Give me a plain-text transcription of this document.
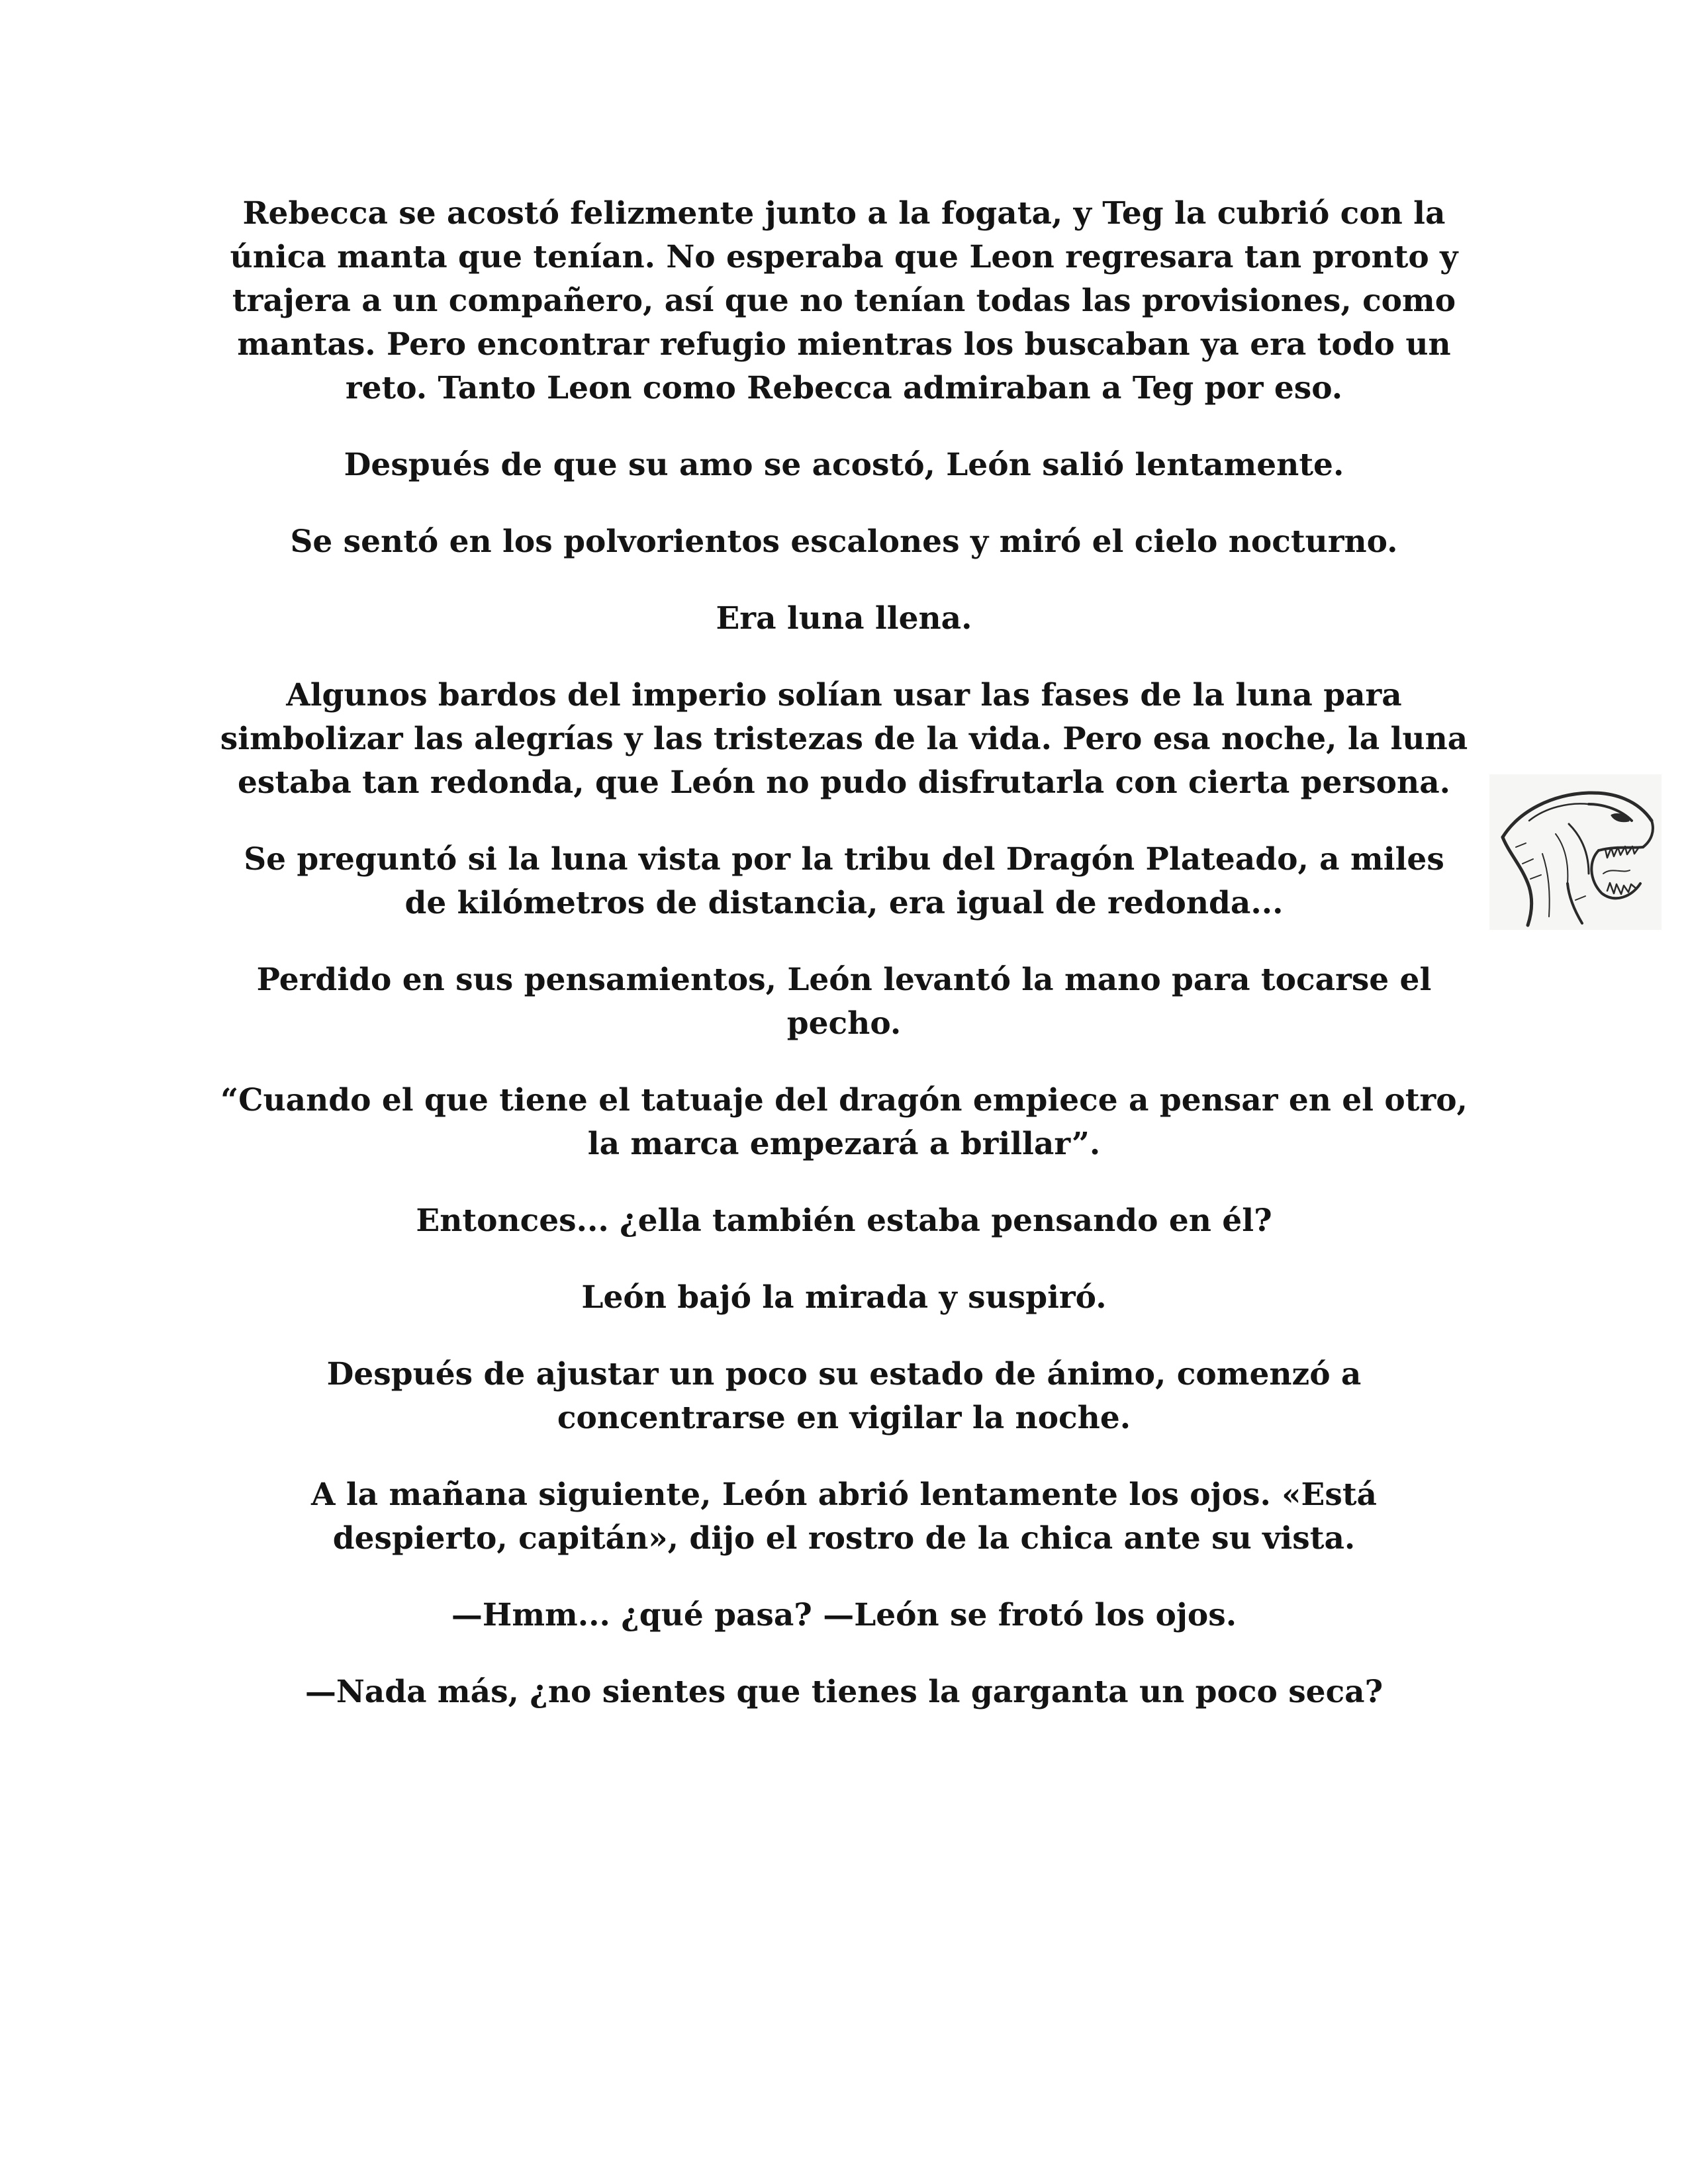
Rebecca se acostó felizmente junto a la fogata, y Teg la cubrió con la única manta que tenían. No esperaba que Leon regresara tan pronto y trajera a un compañero, así que no tenían todas las provisiones, como mantas. Pero encontrar refugio mientras los buscaban ya era todo un reto. Tanto Leon como Rebecca admiraban a Teg por eso.

Después de que su amo se acostó, León salió lentamente.

Se sentó en los polvorientos escalones y miró el cielo nocturno.

Era luna llena.

Algunos bardos del imperio solían usar las fases de la luna para simbolizar las alegrías y las tristezas de la vida. Pero esa noche, la luna estaba tan redonda, que León no pudo disfrutarla con cierta persona.

Se preguntó si la luna vista por la tribu del Dragón Plateado, a miles de kilómetros de distancia, era igual de redonda...

Perdido en sus pensamientos, León levantó la mano para tocarse el pecho.

“Cuando el que tiene el tatuaje del dragón empiece a pensar en el otro, la marca empezará a brillar”.

Entonces... ¿ella también estaba pensando en él?

León bajó la mirada y suspiró.

Después de ajustar un poco su estado de ánimo, comenzó a concentrarse en vigilar la noche.

A la mañana siguiente, León abrió lentamente los ojos. «Está despierto, capitán», dijo el rostro de la chica ante su vista.

—Hmm... ¿qué pasa? —León se frotó los ojos.

—Nada más, ¿no sientes que tienes la garganta un poco seca?
